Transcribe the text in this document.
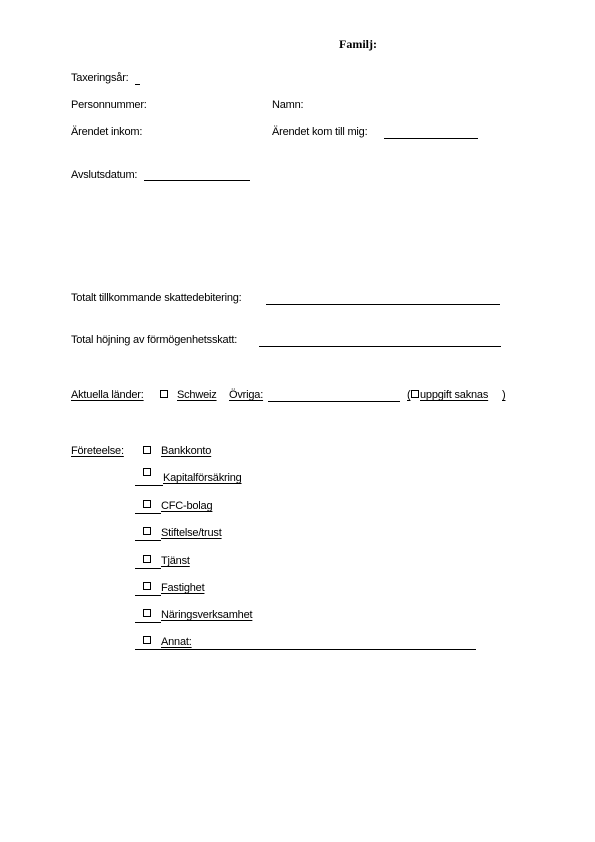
Familj:
Taxeringsår:
Personnummer:	Namn:
Ärendet inkom:	Ärendet kom till mig:
Avslutsdatum:
Totalt tillkommande skattedebitering:
Total höjning av förmögenhetsskatt:
Aktuella länder:	Schweiz Övriga:	( uppgift saknas )
Företeelse:	Bankkonto
Kapitalförsäkring
CFC-bolag
Stiftelse/trust
Tjänst
Fastighet
Näringsverksamhet
Annat:
